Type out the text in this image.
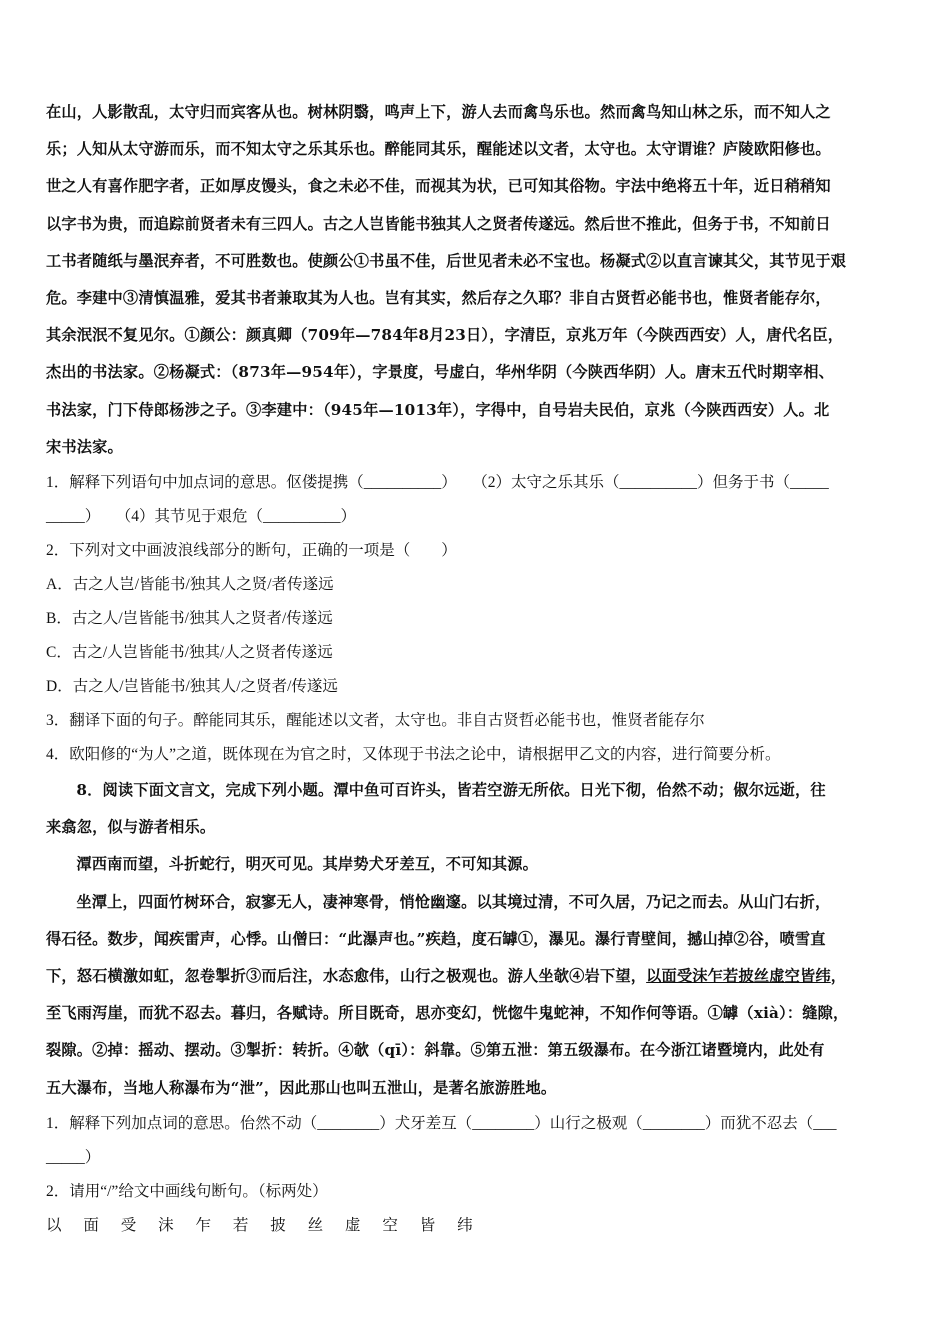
在山，人影散乱，太守归而宾客从也。树林阴翳，鸣声上下，游人去而禽鸟乐也。然而禽鸟知山林之乐，而不知人之

乐；人知从太守游而乐，而不知太守之乐其乐也。醉能同其乐，醒能述以文者，太守也。太守谓谁？庐陵欧阳修也。

世之人有喜作肥字者，正如厚皮馒头，食之未必不佳，而视其为状，已可知其俗物。宇法中绝将五十年，近日稍稍知

以字书为贵，而追踪前贤者未有三四人。古之人岂皆能书独其人之贤者传遂远。然后世不推此，但务于书，不知前日

工书者随纸与墨泯弃者，不可胜数也。使颜公①书虽不佳，后世见者未必不宝也。杨凝式②以直言谏其父，其节见于艰

危。李建中③清慎温雅，爱其书者兼取其为人也。岂有其实，然后存之久耶？非自古贤哲必能书也，惟贤者能存尔，

其余泯泯不复见尔。①颜公：颜真卿（709年—784年8月23日），字清臣，京兆万年（今陕西西安）人，唐代名臣，

杰出的书法家。②杨凝式：（873年—954年），字景度，号虚白，华州华阴（今陕西华阴）人。唐末五代时期宰相、

书法家，门下侍郎杨涉之子。③李建中：（945年—1013年），字得中，自号岩夫民伯，京兆（今陕西西安）人。北

宋书法家。

1．解释下列语句中加点词的意思。伛偻提携（__________）　　（2）太守之乐其乐（__________）但务于书（_____

_____）　　（4）其节见于艰危（__________）

2．下列对文中画波浪线部分的断句，正确的一项是（　　）

A．古之人岂/皆能书/独其人之贤/者传遂远

B．古之人/岂皆能书/独其人之贤者/传遂远

C．古之/人岂皆能书/独其/人之贤者传遂远

D．古之人/岂皆能书/独其人/之贤者/传遂远

3．翻译下面的句子。醉能同其乐，醒能述以文者，太守也。非自古贤哲必能书也，惟贤者能存尔

4．欧阳修的“为人”之道，既体现在为官之时，又体现于书法之论中，请根据甲乙文的内容，进行简要分析。

8．阅读下面文言文，完成下列小题。潭中鱼可百许头，皆若空游无所依。日光下彻，佁然不动；俶尔远逝，往

来翕忽，似与游者相乐。

潭西南而望，斗折蛇行，明灭可见。其岸势犬牙差互，不可知其源。

坐潭上，四面竹树环合，寂寥无人，凄神寒骨，悄怆幽邃。以其境过清，不可久居，乃记之而去。从山门右折，

得石径。数步，闻疾雷声，心悸。山僧曰：“此瀑声也。”疾趋，度石罅①，瀑见。瀑行青壁间，撼山掉②谷，喷雪直

下，怒石横激如虹，忽卷掣折③而后注，水态愈伟，山行之极观也。游人坐欹④岩下望，以面受沫乍若披丝虚空皆纬，

至飞雨泻崖，而犹不忍去。暮归，各赋诗。所目既奇，思亦变幻，恍惚牛鬼蛇神，不知作何等语。①罅（xià）：缝隙，

裂隙。②掉：摇动、摆动。③掣折：转折。④欹（qī）：斜靠。⑤第五泄：第五级瀑布。在今浙江诸暨境内，此处有

五大瀑布，当地人称瀑布为“泄”，因此那山也叫五泄山，是著名旅游胜地。

1．解释下列加点词的意思。佁然不动（________）犬牙差互（________）山行之极观（________）而犹不忍去（___

_____）

2．请用“/”给文中画线句断句。（标两处）

以 面 受 沫 乍 若 披 丝 虚 空 皆 纬
